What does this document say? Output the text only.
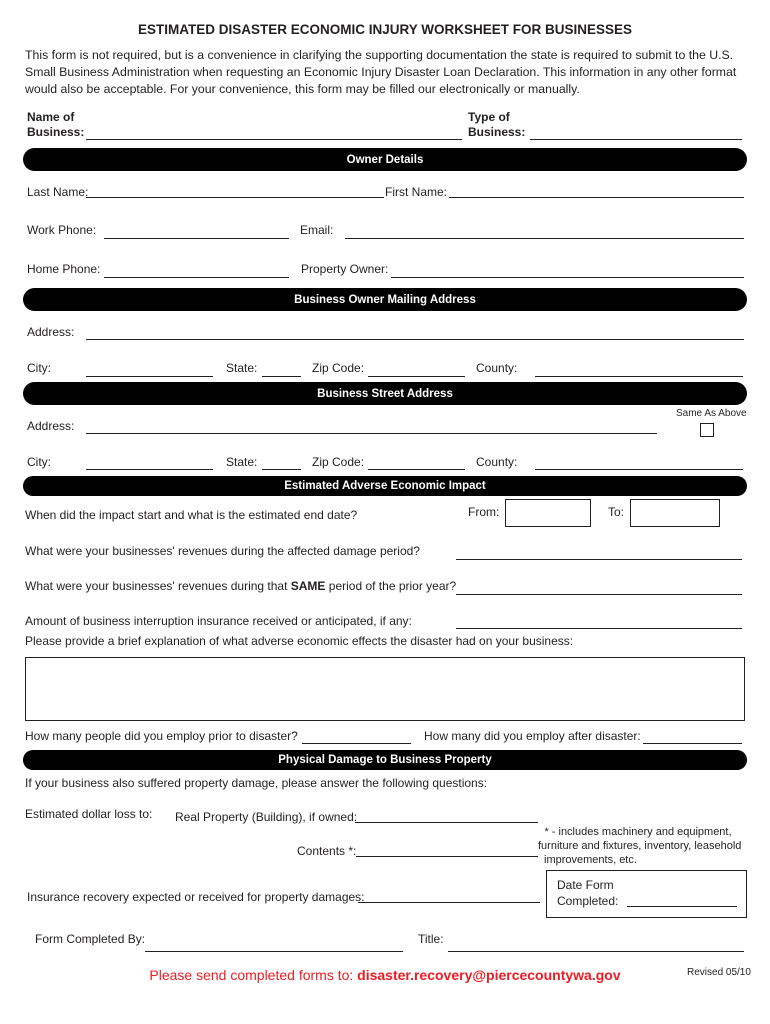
ESTIMATED DISASTER ECONOMIC INJURY WORKSHEET FOR BUSINESSES
This form is not required, but is a convenience in clarifying the supporting documentation the state is required to submit to the U.S. Small Business Administration when requesting an Economic Injury Disaster Loan Declaration. This information in any other format would also be acceptable. For your convenience, this form may be filled our electronically or manually.
Name of
Business:
Type of
Business:
Owner Details
Last Name:	First Name:
Work Phone:	Email:
Home Phone:	Property Owner:
Business Owner Mailing Address
Address:
City:	State:	Zip Code:	County:
Business Street Address
Same As Above
Address:
City:	State:	Zip Code:	County:
Estimated Adverse Economic Impact
When did the impact start and what is the estimated end date?	From:	To:
What were your businesses' revenues during the affected damage period?
What were your businesses' revenues during that SAME period of the prior year?
Amount of business interruption insurance received or anticipated, if any:
Please provide a brief explanation of what adverse economic effects the disaster had on your business:
How many people did you employ prior to disaster?	How many did you employ after disaster:
Physical Damage to Business Property
If your business also suffered property damage, please answer the following questions:
Estimated dollar loss to: Real Property (Building), if owned:
* - includes machinery and equipment,
furniture and fixtures, inventory, leasehold
improvements, etc.
Contents *:
Insurance recovery expected or received for property damages:
Date Form
Completed:
Form Completed By:	Title:
Please send completed forms to: disaster.recovery@piercecountywa.gov	Revised 05/10
